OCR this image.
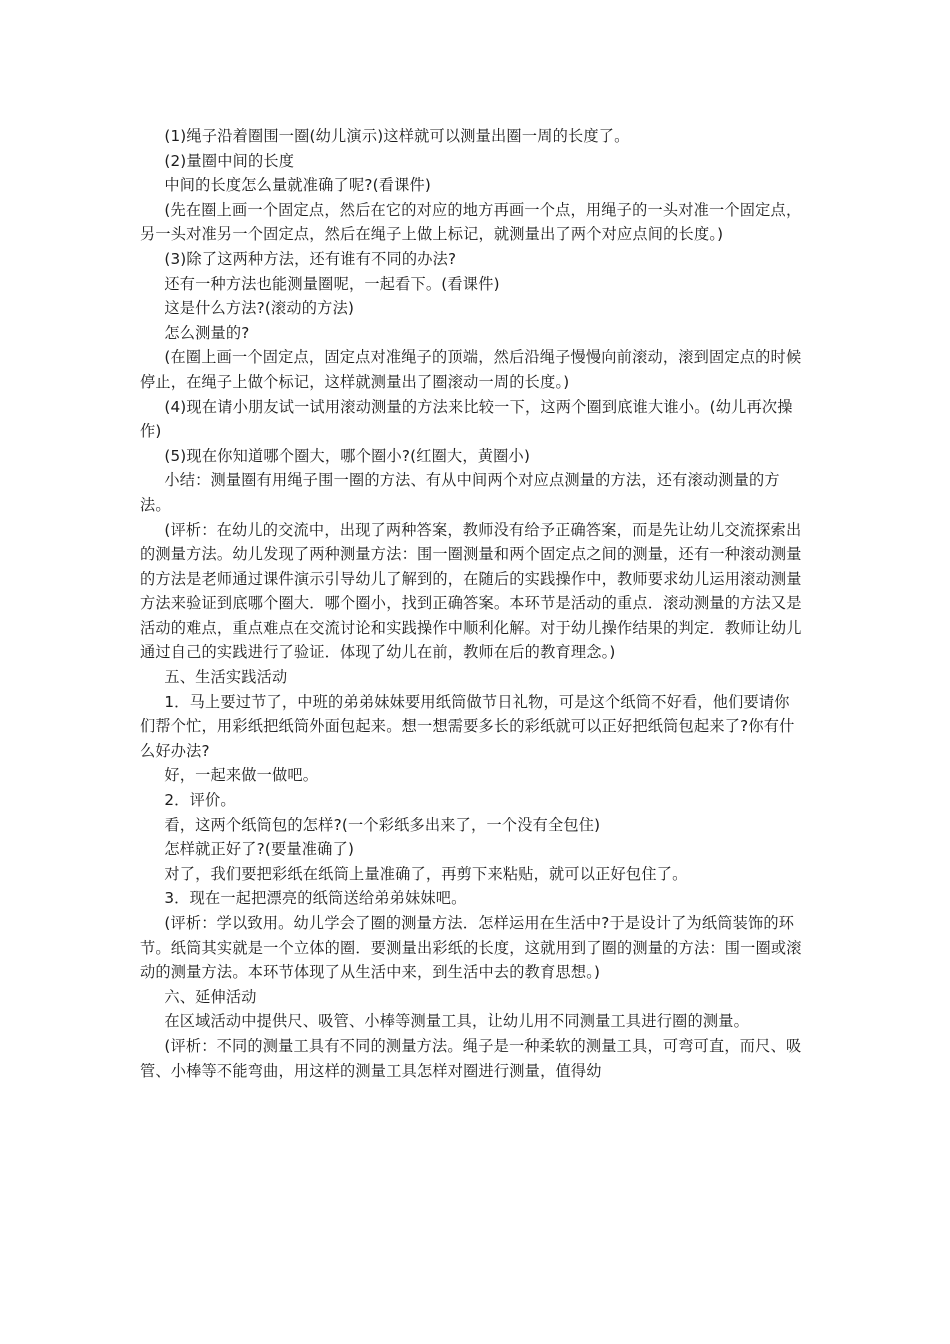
(1)绳子沿着圈围一圈(幼儿演示)这样就可以测量出圈一周的长度了。

(2)量圈中间的长度

中间的长度怎么量就准确了呢?(看课件)

(先在圈上画一个固定点，然后在它的对应的地方再画一个点，用绳子的一头对准一个固定点，另一头对准另一个固定点，然后在绳子上做上标记，就测量出了两个对应点间的长度。)

(3)除了这两种方法，还有谁有不同的办法?

还有一种方法也能测量圈呢，一起看下。(看课件)

这是什么方法?(滚动的方法)

怎么测量的?

(在圈上画一个固定点，固定点对准绳子的顶端，然后沿绳子慢慢向前滚动，滚到固定点的时候停止，在绳子上做个标记，这样就测量出了圈滚动一周的长度。)

(4)现在请小朋友试一试用滚动测量的方法来比较一下，这两个圈到底谁大谁小。(幼儿再次操作)

(5)现在你知道哪个圈大，哪个圈小?(红圈大，黄圈小)

小结：测量圈有用绳子围一圈的方法、有从中间两个对应点测量的方法，还有滚动测量的方法。

(评析：在幼儿的交流中，出现了两种答案，教师没有给予正确答案，而是先让幼儿交流探索出的测量方法。幼儿发现了两种测量方法：围一圈测量和两个固定点之间的测量，还有一种滚动测量的方法是老师通过课件演示引导幼儿了解到的，在随后的实践操作中，教师要求幼儿运用滚动测量方法来验证到底哪个圈大．哪个圈小，找到正确答案。本环节是活动的重点．滚动测量的方法又是活动的难点，重点难点在交流讨论和实践操作中顺利化解。对于幼儿操作结果的判定．教师让幼儿通过自己的实践进行了验证．体现了幼儿在前，教师在后的教育理念。)

五、生活实践活动

1．马上要过节了，中班的弟弟妹妹要用纸筒做节日礼物，可是这个纸筒不好看，他们要请你们帮个忙，用彩纸把纸筒外面包起来。想一想需要多长的彩纸就可以正好把纸筒包起来了?你有什么好办法?

好，一起来做一做吧。

2．评价。

看，这两个纸筒包的怎样?(一个彩纸多出来了，一个没有全包住)

怎样就正好了?(要量准确了)

对了，我们要把彩纸在纸筒上量准确了，再剪下来粘贴，就可以正好包住了。

3．现在一起把漂亮的纸筒送给弟弟妹妹吧。

(评析：学以致用。幼儿学会了圈的测量方法．怎样运用在生活中?于是设计了为纸筒装饰的环节。纸筒其实就是一个立体的圈．要测量出彩纸的长度，这就用到了圈的测量的方法：围一圈或滚动的测量方法。本环节体现了从生活中来，到生活中去的教育思想。)

六、延伸活动

在区域活动中提供尺、吸管、小棒等测量工具，让幼儿用不同测量工具进行圈的测量。

(评析：不同的测量工具有不同的测量方法。绳子是一种柔软的测量工具，可弯可直，而尺、吸管、小棒等不能弯曲，用这样的测量工具怎样对圈进行测量，值得幼
